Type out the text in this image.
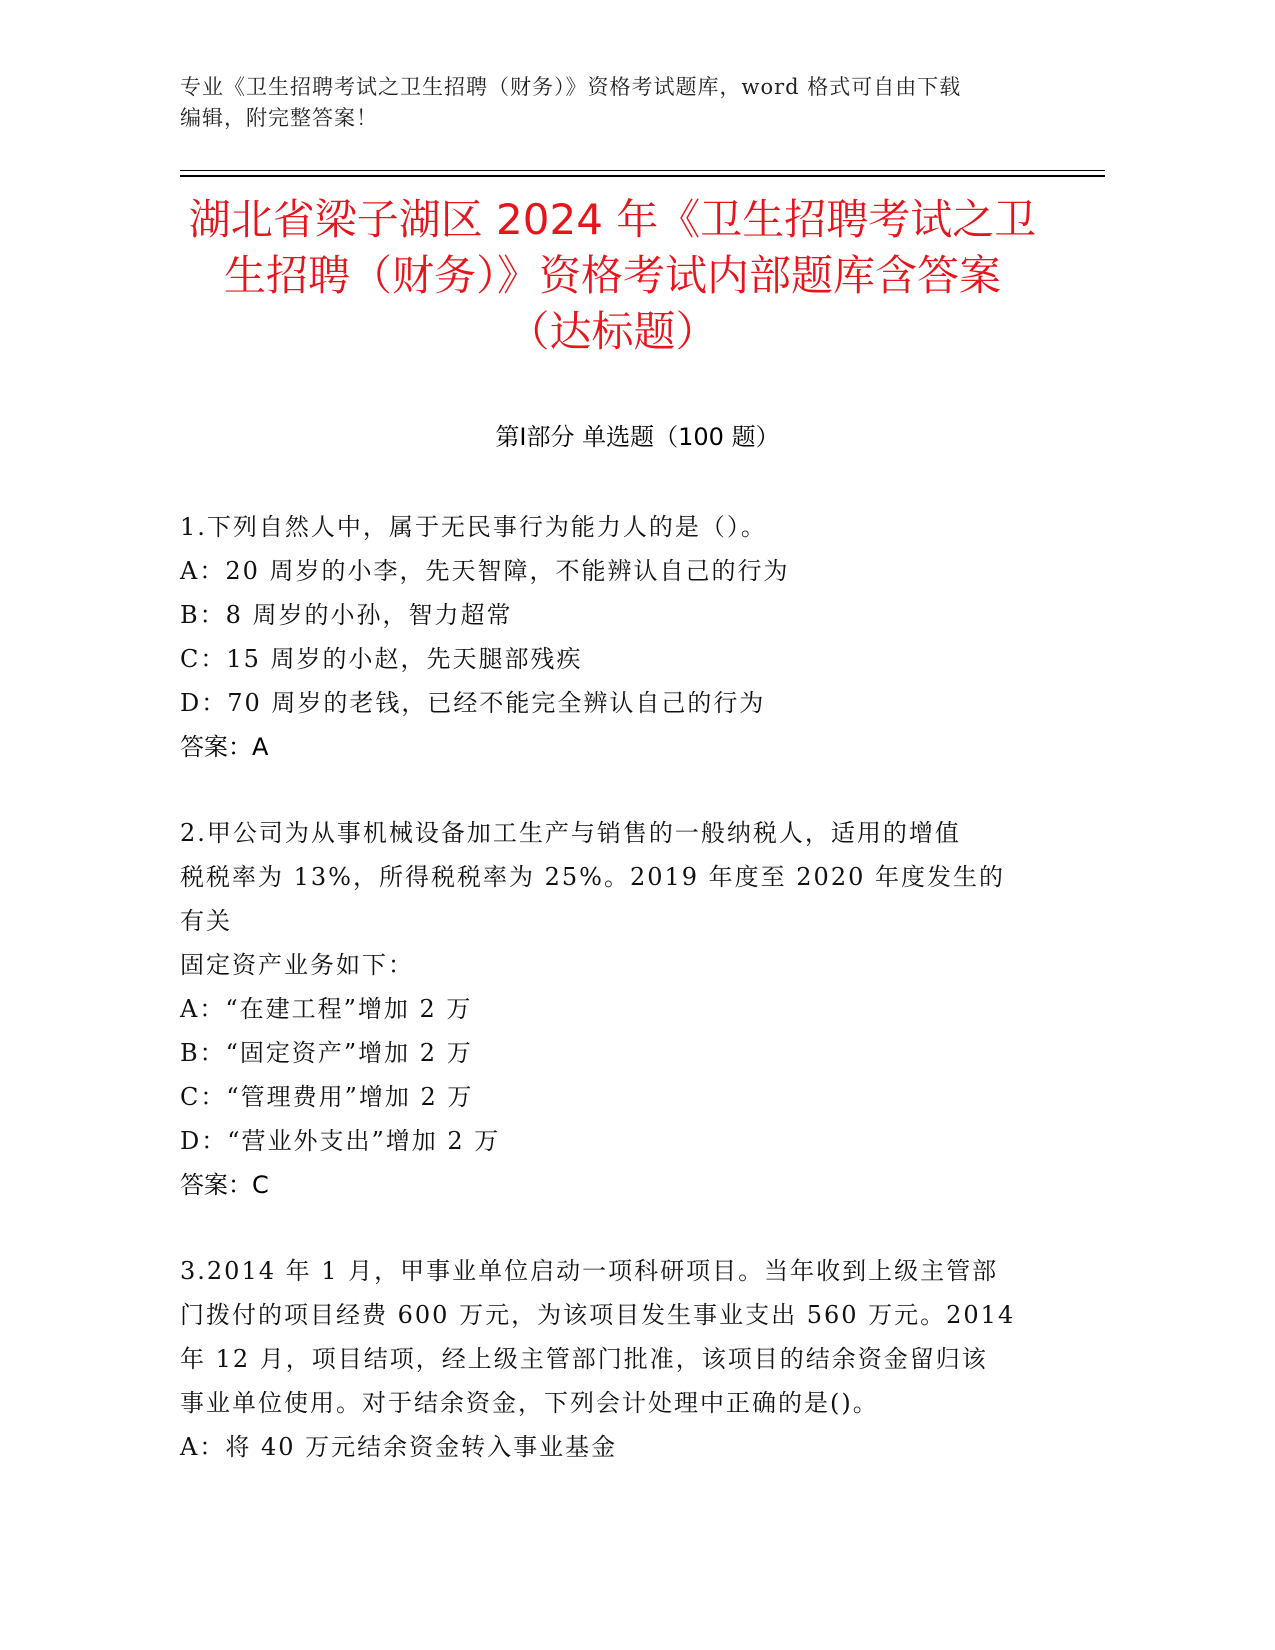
专业《卫生招聘考试之卫生招聘（财务）》资格考试题库，word 格式可自由下载
编辑，附完整答案！
湖北省梁子湖区 2024 年《卫生招聘考试之卫
生招聘（财务）》资格考试内部题库含答案
（达标题）
第Ⅰ部分 单选题（100 题）
1.下列自然人中，属于无民事行为能力人的是（）。
A：20 周岁的小李，先天智障，不能辨认自己的行为
B：8 周岁的小孙，智力超常
C：15 周岁的小赵，先天腿部残疾
D：70 周岁的老钱，已经不能完全辨认自己的行为
答案：A
2.甲公司为从事机械设备加工生产与销售的一般纳税人，适用的增值
税税率为 13%，所得税税率为 25%。2019 年度至 2020 年度发生的有关
固定资产业务如下：
A：“在建工程”增加 2 万
B：“固定资产”增加 2 万
C：“管理费用”增加 2 万
D：“营业外支出”增加 2 万
答案：C
3.2014 年 1 月，甲事业单位启动一项科研项目。当年收到上级主管部
门拨付的项目经费 600 万元，为该项目发生事业支出 560 万元。2014
年 12 月，项目结项，经上级主管部门批准，该项目的结余资金留归该
事业单位使用。对于结余资金，下列会计处理中正确的是()。
A：将 40 万元结余资金转入事业基金
